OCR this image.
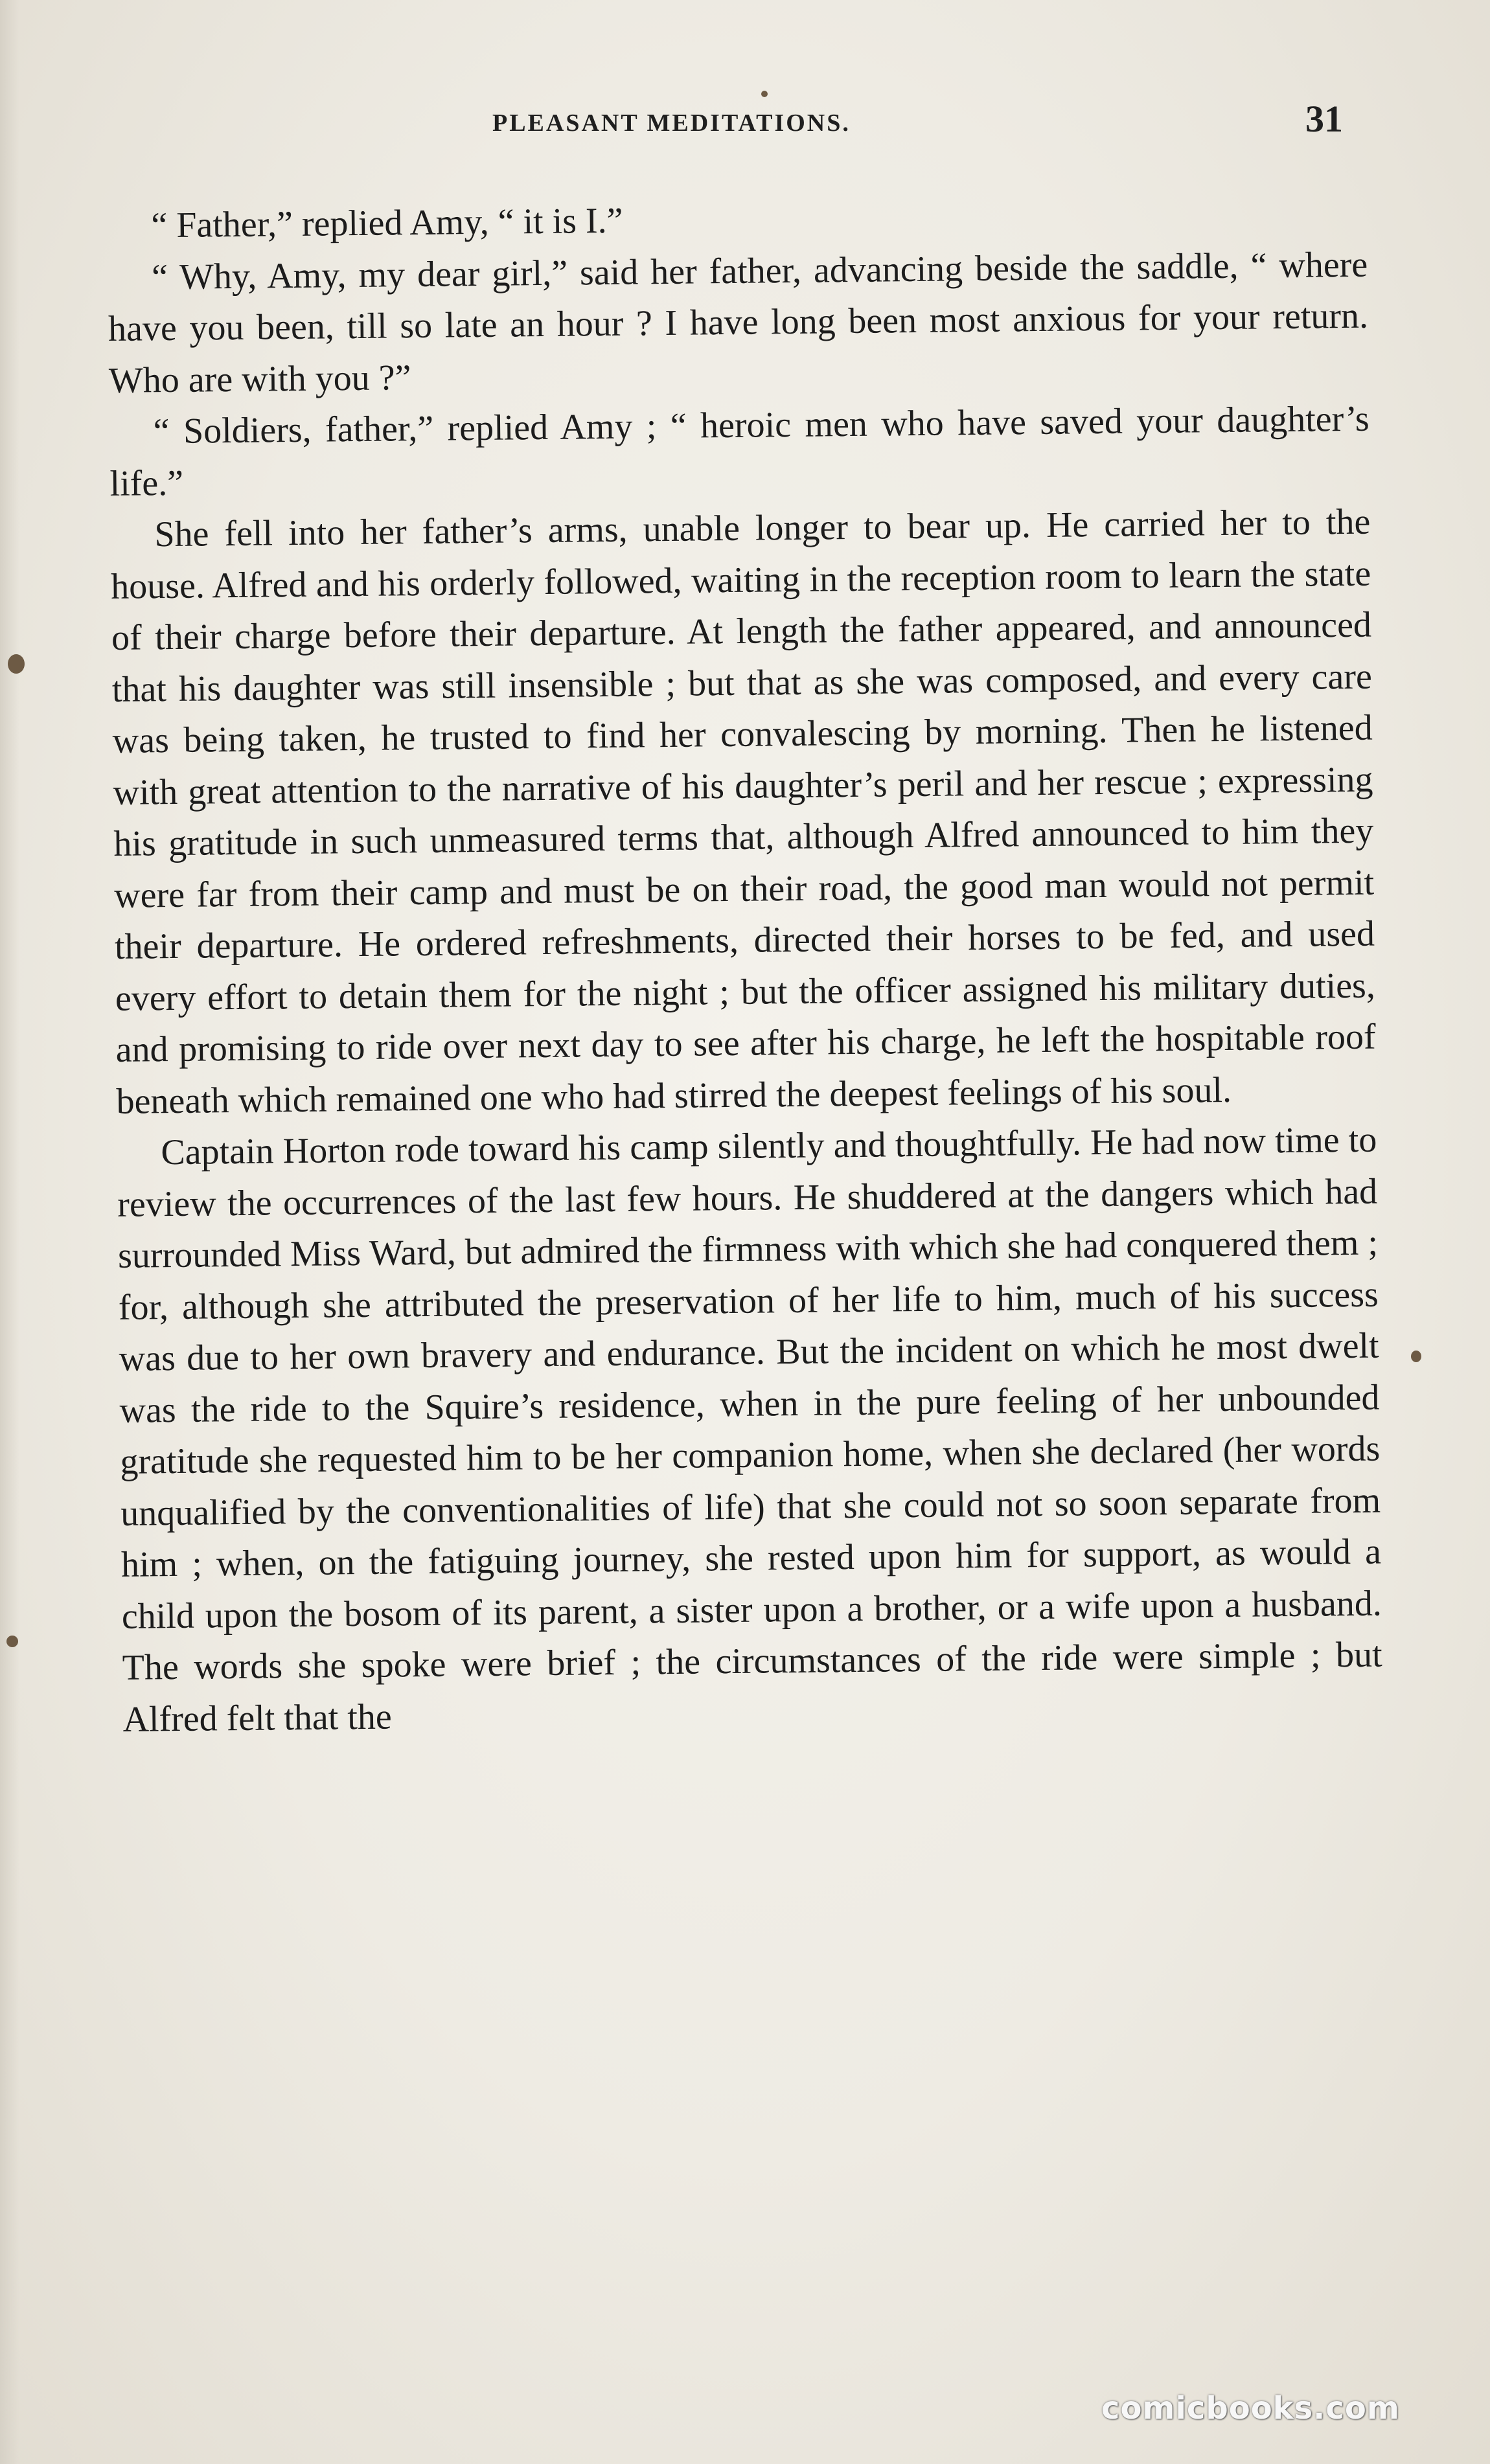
PLEASANT MEDITATIONS.	31

“ Father,” replied Amy, “ it is I.”

“ Why, Amy, my dear girl,” said her father, advancing beside the saddle, “ where have you been, till so late an hour ? I have long been most anxious for your return. Who are with you ?”

“ Soldiers, father,” replied Amy ; “ heroic men who have saved your daughter’s life.”

She fell into her father’s arms, unable longer to bear up. He carried her to the house. Alfred and his orderly followed, waiting in the reception room to learn the state of their charge before their departure. At length the father appeared, and announced that his daughter was still insensible ; but that as she was composed, and every care was being taken, he trusted to find her convalescing by morning. Then he listened with great attention to the narrative of his daughter’s peril and her rescue ; expressing his gratitude in such unmeasured terms that, although Alfred announced to him they were far from their camp and must be on their road, the good man would not permit their departure. He ordered refreshments, directed their horses to be fed, and used every effort to detain them for the night ; but the officer assigned his military duties, and promising to ride over next day to see after his charge, he left the hospitable roof beneath which remained one who had stirred the deepest feelings of his soul.

Captain Horton rode toward his camp silently and thoughtfully. He had now time to review the occurrences of the last few hours. He shuddered at the dangers which had surrounded Miss Ward, but admired the firmness with which she had conquered them ; for, although she attributed the preservation of her life to him, much of his success was due to her own bravery and endurance. But the incident on which he most dwelt was the ride to the Squire’s residence, when in the pure feeling of her unbounded gratitude she requested him to be her companion home, when she declared (her words unqualified by the conventionalities of life) that she could not so soon separate from him ; when, on the fatiguing journey, she rested upon him for support, as would a child upon the bosom of its parent, a sister upon a brother, or a wife upon a husband. The words she spoke were brief ; the circumstances of the ride were simple ; but Alfred felt that the

comicbooks.com
